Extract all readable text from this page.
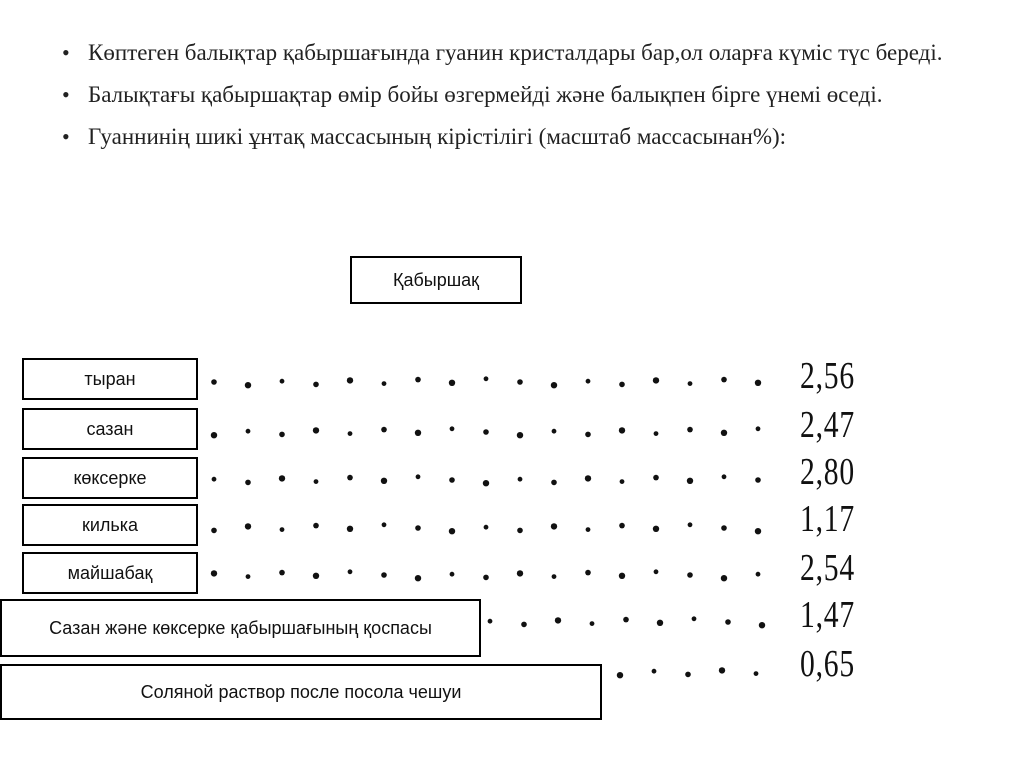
• Көптеген балықтар қабыршағында гуанин кристалдары бар,ол оларға күміс түс береді.
• Балықтағы қабыршақтар өмір бойы өзгермейді және балықпен бірге үнемі өседі.
• Гуаннинің шикі ұнтақ массасының кірістілігі (масштаб массасынан%):
Қабыршақ
тыран
сазан
көксерке
килька
майшабақ
Сазан және көксерке қабыршағының қоспасы
Соляной раствор после посола чешуи
2,56
2,47
2,80
1,17
2,54
1,47
0,65
